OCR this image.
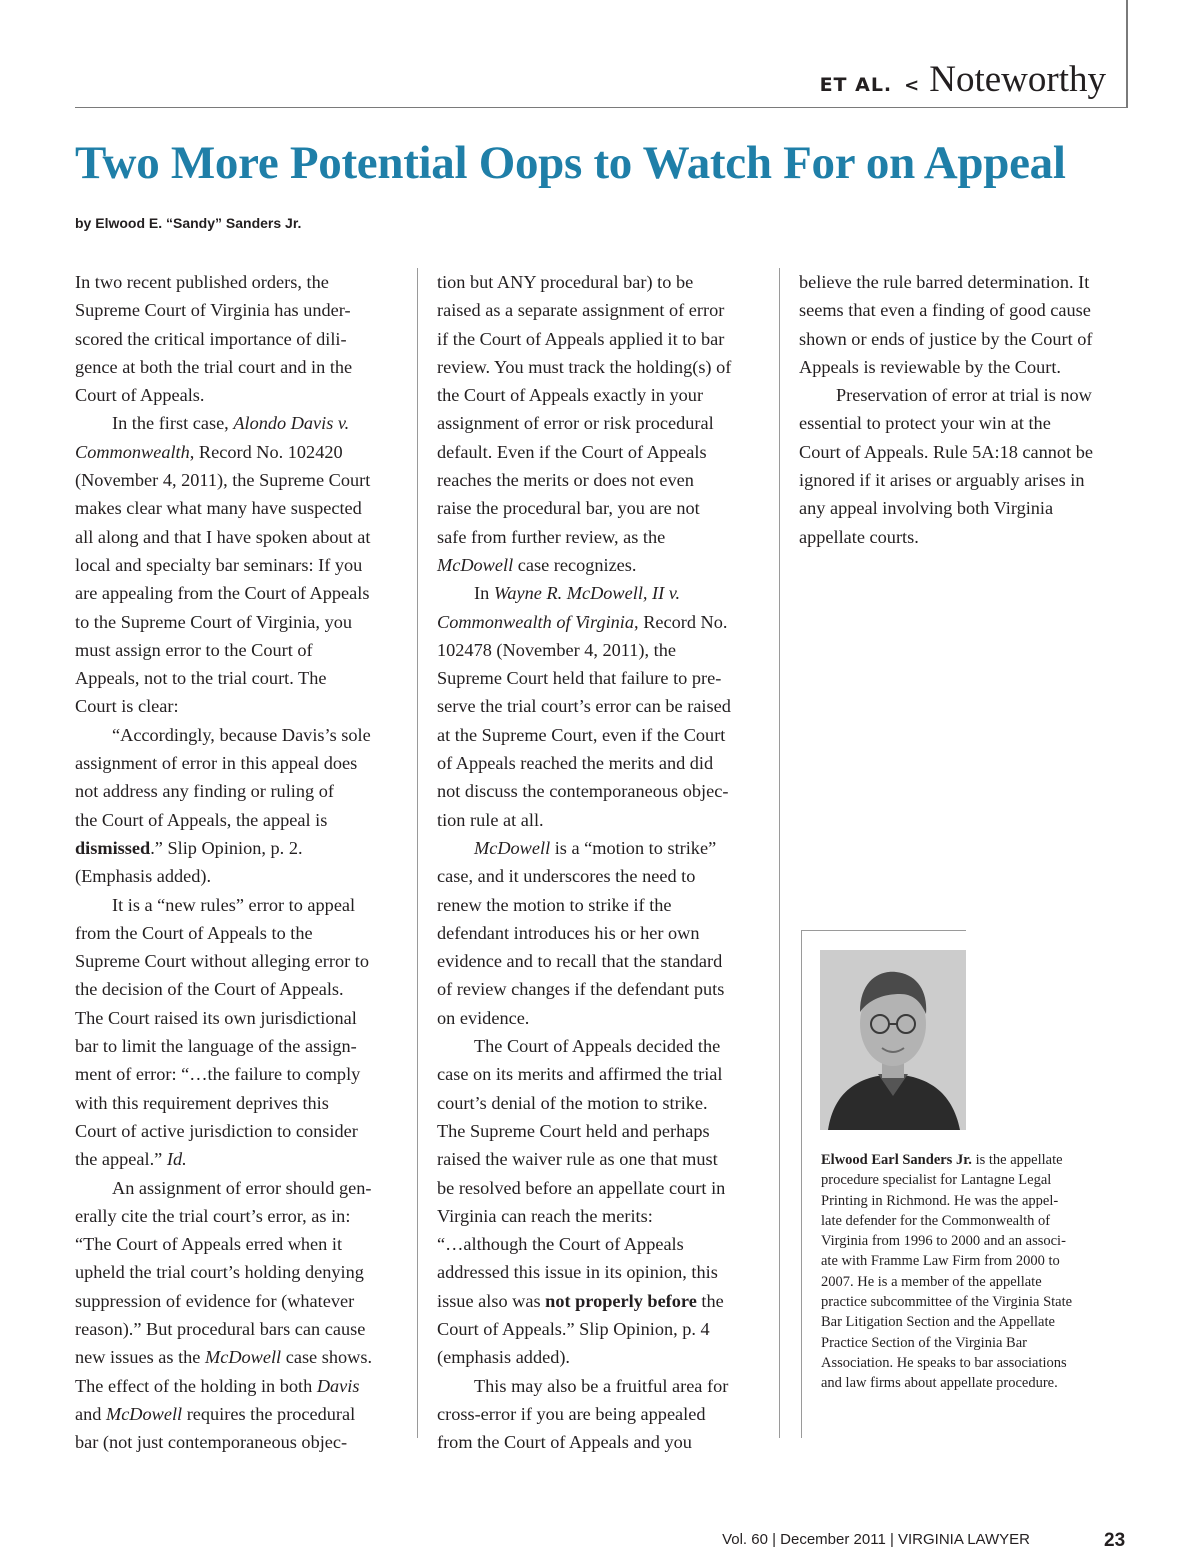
ET AL. < Noteworthy
Two More Potential Oops to Watch For on Appeal
by Elwood E. “Sandy” Sanders Jr.
In two recent published orders, the
Supreme Court of Virginia has under-
scored the critical importance of dili-
gence at both the trial court and in the
Court of Appeals.
In the first case, Alondo Davis v.
Commonwealth, Record No. 102420
(November 4, 2011), the Supreme Court
makes clear what many have suspected
all along and that I have spoken about at
local and specialty bar seminars: If you
are appealing from the Court of Appeals
to the Supreme Court of Virginia, you
must assign error to the Court of
Appeals, not to the trial court. The
Court is clear:
“Accordingly, because Davis’s sole
assignment of error in this appeal does
not address any finding or ruling of
the Court of Appeals, the appeal is
dismissed.” Slip Opinion, p. 2.
(Emphasis added).
It is a “new rules” error to appeal
from the Court of Appeals to the
Supreme Court without alleging error to
the decision of the Court of Appeals.
The Court raised its own jurisdictional
bar to limit the language of the assign-
ment of error: “…the failure to comply
with this requirement deprives this
Court of active jurisdiction to consider
the appeal.” Id.
An assignment of error should gen-
erally cite the trial court’s error, as in:
“The Court of Appeals erred when it
upheld the trial court’s holding denying
suppression of evidence for (whatever
reason).” But procedural bars can cause
new issues as the McDowell case shows.
The effect of the holding in both Davis
and McDowell requires the procedural
bar (not just contemporaneous objec-
tion but ANY procedural bar) to be
raised as a separate assignment of error
if the Court of Appeals applied it to bar
review. You must track the holding(s) of
the Court of Appeals exactly in your
assignment of error or risk procedural
default. Even if the Court of Appeals
reaches the merits or does not even
raise the procedural bar, you are not
safe from further review, as the
McDowell case recognizes.
In Wayne R. McDowell, II v.
Commonwealth of Virginia, Record No.
102478 (November 4, 2011), the
Supreme Court held that failure to pre-
serve the trial court’s error can be raised
at the Supreme Court, even if the Court
of Appeals reached the merits and did
not discuss the contemporaneous objec-
tion rule at all.
McDowell is a “motion to strike”
case, and it underscores the need to
renew the motion to strike if the
defendant introduces his or her own
evidence and to recall that the standard
of review changes if the defendant puts
on evidence.
The Court of Appeals decided the
case on its merits and affirmed the trial
court’s denial of the motion to strike.
The Supreme Court held and perhaps
raised the waiver rule as one that must
be resolved before an appellate court in
Virginia can reach the merits:
“…although the Court of Appeals
addressed this issue in its opinion, this
issue also was not properly before the
Court of Appeals.” Slip Opinion, p. 4
(emphasis added).
This may also be a fruitful area for
cross-error if you are being appealed
from the Court of Appeals and you
believe the rule barred determination. It
seems that even a finding of good cause
shown or ends of justice by the Court of
Appeals is reviewable by the Court.
Preservation of error at trial is now
essential to protect your win at the
Court of Appeals. Rule 5A:18 cannot be
ignored if it arises or arguably arises in
any appeal involving both Virginia
appellate courts.
Elwood Earl Sanders Jr. is the appellate
procedure specialist for Lantagne Legal
Printing in Richmond. He was the appel-
late defender for the Commonwealth of
Virginia from 1996 to 2000 and an associ-
ate with Framme Law Firm from 2000 to
2007. He is a member of the appellate
practice subcommittee of the Virginia State
Bar Litigation Section and the Appellate
Practice Section of the Virginia Bar
Association. He speaks to bar associations
and law firms about appellate procedure.
Vol. 60 | December 2011 | VIRGINIA LAWYER	23
